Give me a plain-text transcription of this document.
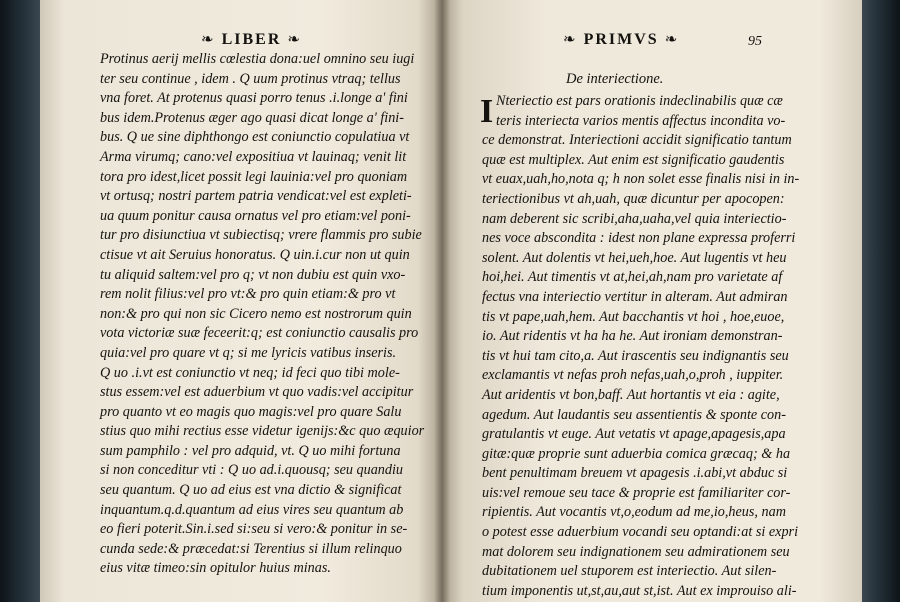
❧ LIBER ❧
Protinus aerij mellis cœlestia dona:uel omnino seu iugi
ter seu continue , idem . Q uum protinus vtraq; tellus
vna foret. At protenus quasi porro tenus .i.longe a' fini
bus idem.Protenus æger ago quasi dicat longe a' fini-
bus. Q ue sine diphthongo est coniunctio copulatiua vt
Arma virumq; cano:vel expositiua vt lauinaq; venit lit
tora pro idest,licet possit legi lauinia:vel pro quoniam
vt ortusq; nostri partem patria vendicat:vel est expleti-
ua quum ponitur causa ornatus vel pro etiam:vel poni-
tur pro disiunctiua vt subiectisq; vrere flammis pro subie
ctisue vt ait Seruius honoratus. Q uin.i.cur non ut quin
tu aliquid saltem:vel pro q; vt non dubiu est quin vxo-
rem nolit filius:vel pro vt:& pro quin etiam:& pro vt
non:& pro qui non sic Cicero nemo est nostrorum quin
vota victoriæ suæ feceerit:q; est coniunctio causalis pro
quia:vel pro quare vt q; si me lyricis vatibus inseris.
Q uo .i.vt est coniunctio vt neq; id feci quo tibi mole-
stus essem:vel est aduerbium vt quo vadis:vel accipitur
pro quanto vt eo magis quo magis:vel pro quare Salu
stius quo mihi rectius esse videtur igenijs:&c quo æquior
sum pamphilo : vel pro adquid, vt. Q uo mihi fortuna
si non conceditur vti : Q uo ad.i.quousq; seu quandiu
seu quantum. Q uo ad eius est vna dictio & significat
inquantum.q.d.quantum ad eius vires seu quantum ab
eo fieri poterit.Sin.i.sed si:seu si vero:& ponitur in se-
cunda sede:& præcedat:si Terentius si illum relinquo
eius vitæ timeo:sin opitulor huius minas.
❧ PRIMVS ❧	95
De interiectione.
I Nteriectio est pars orationis indeclinabilis quæ cæ
teris interiecta varios mentis affectus incondita vo-
ce demonstrat. Interiectioni accidit significatio tantum
quæ est multiplex. Aut enim est significatio gaudentis
vt euax,uah,ho,nota q; h non solet esse finalis nisi in in-
teriectionibus vt ah,uah, quæ dicuntur per apocopen:
nam deberent sic scribi,aha,uaha,vel quia interiectio-
nes voce abscondita : idest non plane expressa proferri
solent. Aut dolentis vt hei,ueh,hoe. Aut lugentis vt heu
hoi,hei. Aut timentis vt at,hei,ah,nam pro varietate af
fectus vna interiectio vertitur in alteram. Aut admiran
tis vt pape,uah,hem. Aut bacchantis vt hoi , hoe,euoe,
io. Aut ridentis vt ha ha he. Aut ironiam demonstran-
tis vt hui tam cito,a. Aut irascentis seu indignantis seu
exclamantis vt nefas proh nefas,uah,o,proh , iuppiter.
Aut aridentis vt bon,baff. Aut hortantis vt eia : agite,
agedum. Aut laudantis seu assentientis & sponte con-
gratulantis vt euge. Aut vetatis vt apage,apagesis,apa
gitæ:quæ proprie sunt aduerbia comica græcaq; & ha
bent penultimam breuem vt apagesis .i.abi,vt abduc si
uis:vel remoue seu tace & proprie est familiariter cor-
ripientis. Aut vocantis vt,o,eodum ad me,io,heus, nam
o potest esse aduerbium vocandi seu optandi:at si expri
mat dolorem seu indignationem seu admirationem seu
dubitationem uel stuporem est interiectio. Aut silen-
tium imponentis ut,st,au,aut st,ist. Aut ex improuiso ali-
